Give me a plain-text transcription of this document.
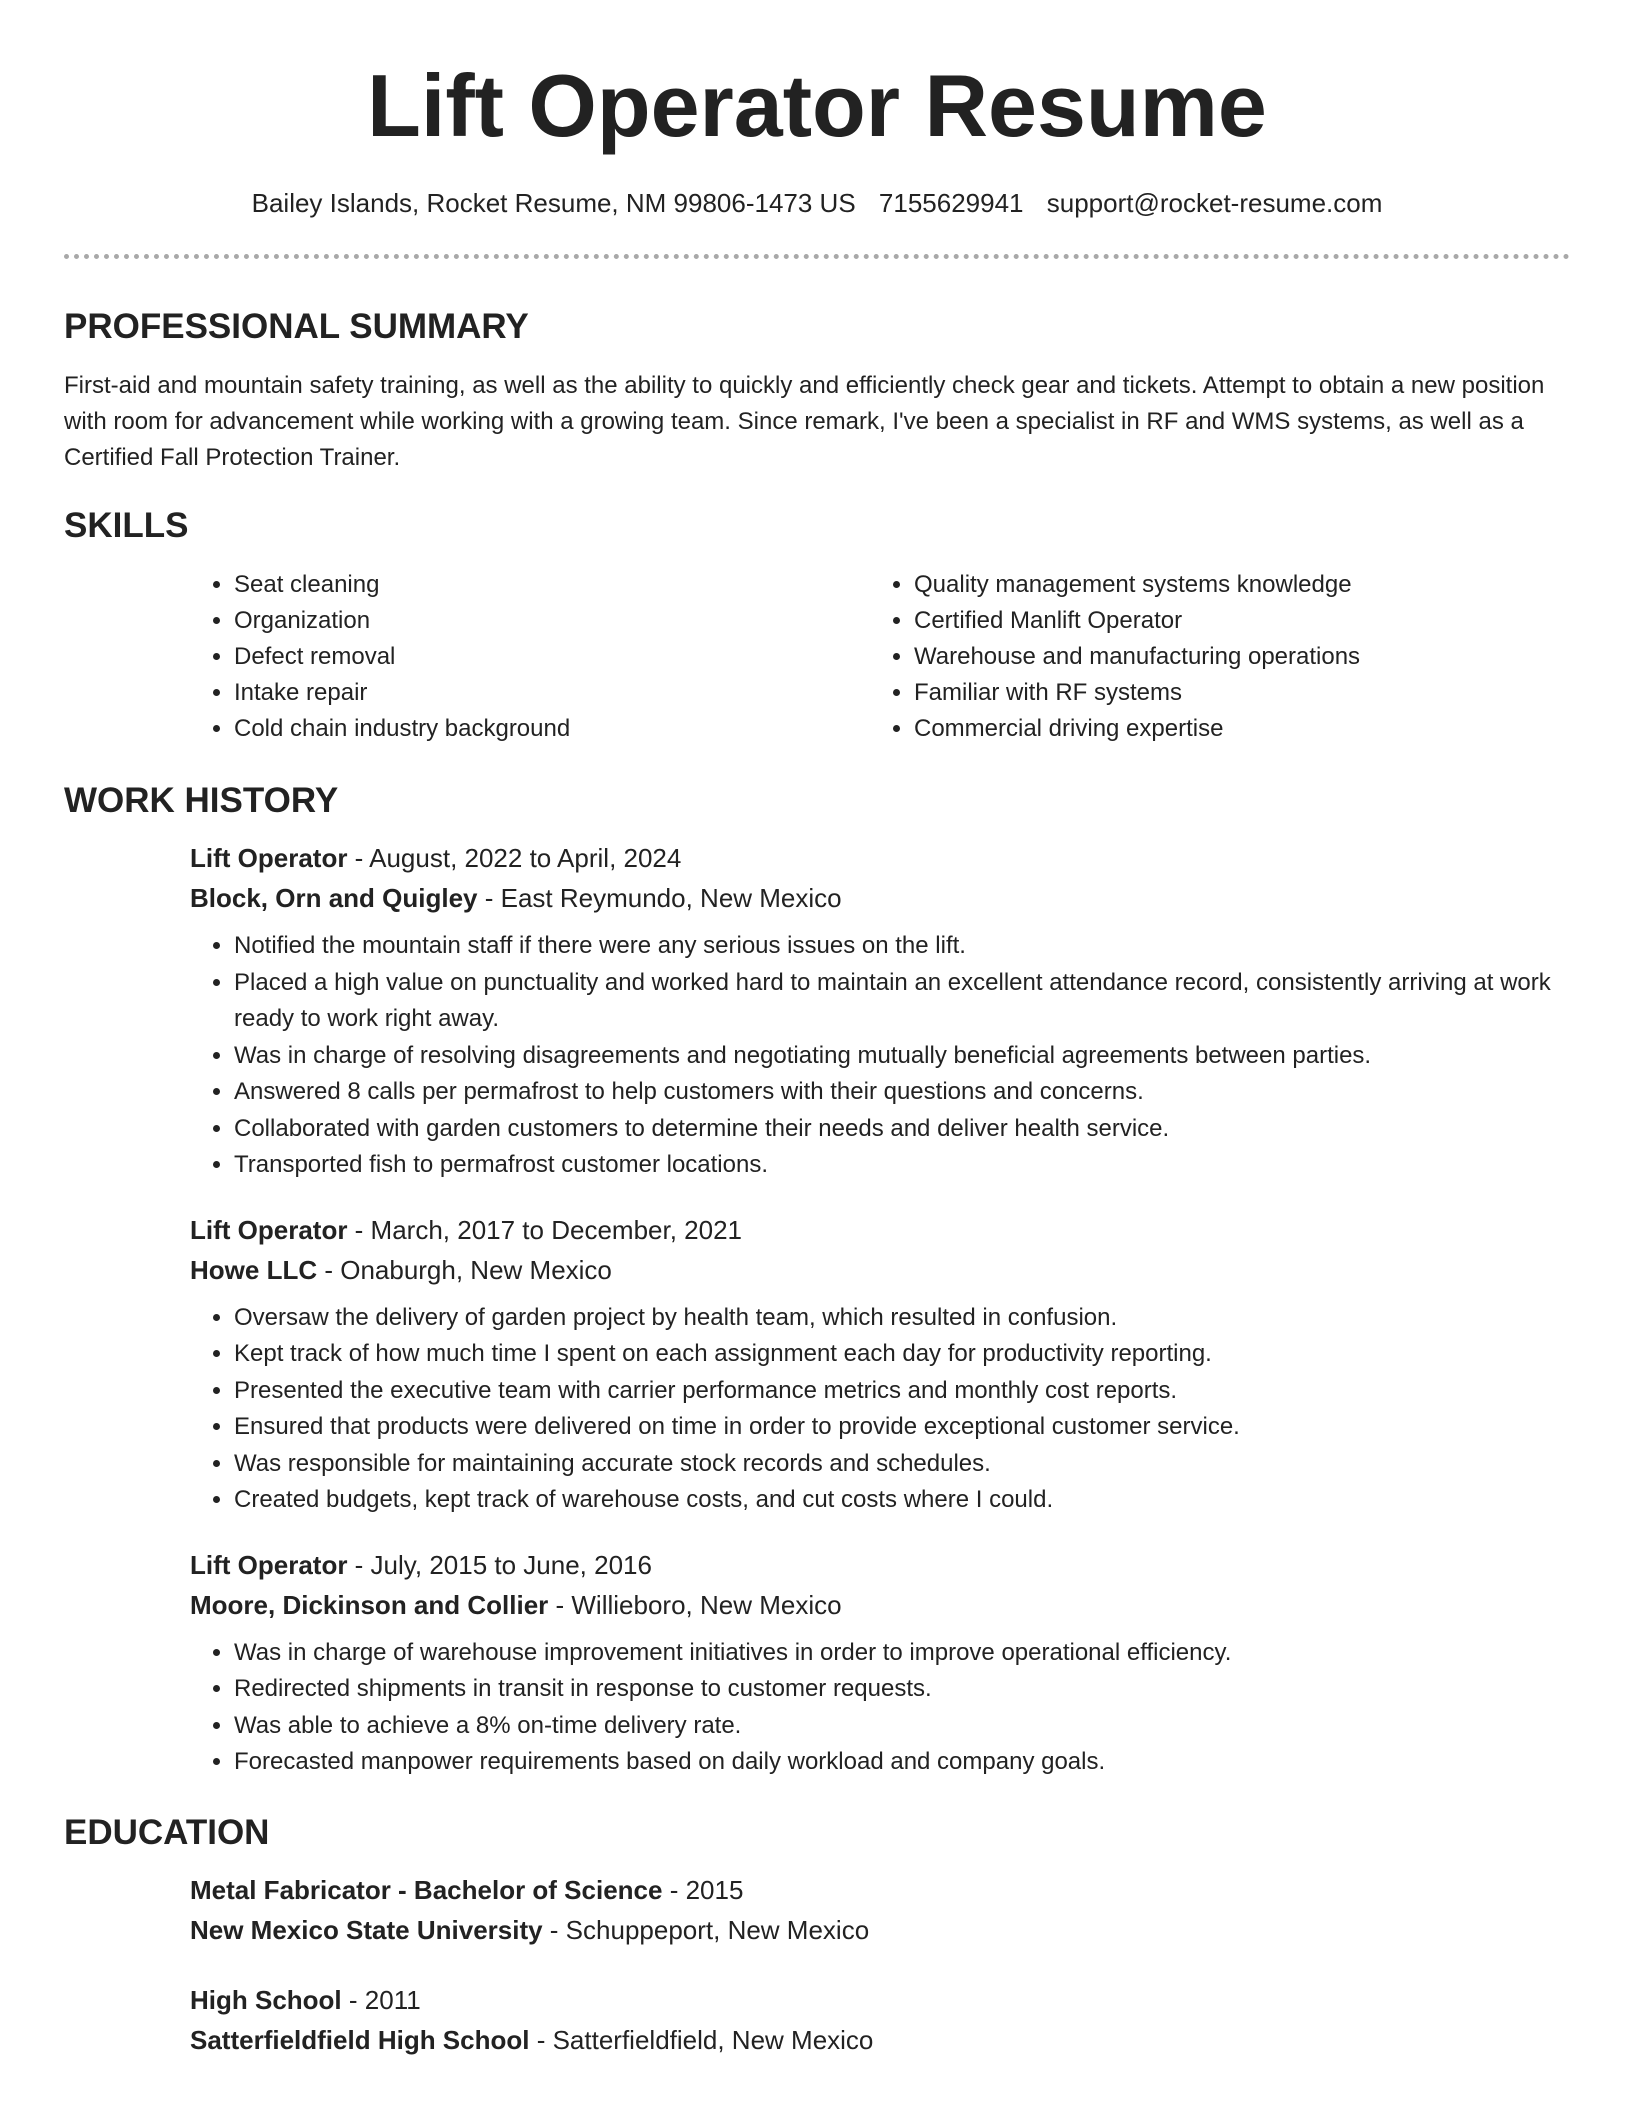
Lift Operator Resume
Bailey Islands, Rocket Resume, NM 99806-1473 US 7155629941 support@rocket-resume.com
PROFESSIONAL SUMMARY

First-aid and mountain safety training, as well as the ability to quickly and efficiently check gear and tickets. Attempt to obtain a new position with room for advancement while working with a growing team. Since remark, I've been a specialist in RF and WMS systems, as well as a Certified Fall Protection Trainer.

SKILLS
• Seat cleaning
• Organization
• Defect removal
• Intake repair
• Cold chain industry background
• Quality management systems knowledge
• Certified Manlift Operator
• Warehouse and manufacturing operations
• Familiar with RF systems
• Commercial driving expertise
WORK HISTORY
Lift Operator - August, 2022 to April, 2024
Block, Orn and Quigley - East Reymundo, New Mexico
• Notified the mountain staff if there were any serious issues on the lift.
• Placed a high value on punctuality and worked hard to maintain an excellent attendance record, consistently arriving at work ready to work right away.
• Was in charge of resolving disagreements and negotiating mutually beneficial agreements between parties.
• Answered 8 calls per permafrost to help customers with their questions and concerns.
• Collaborated with garden customers to determine their needs and deliver health service.
• Transported fish to permafrost customer locations.
Lift Operator - March, 2017 to December, 2021
Howe LLC - Onaburgh, New Mexico
• Oversaw the delivery of garden project by health team, which resulted in confusion.
• Kept track of how much time I spent on each assignment each day for productivity reporting.
• Presented the executive team with carrier performance metrics and monthly cost reports.
• Ensured that products were delivered on time in order to provide exceptional customer service.
• Was responsible for maintaining accurate stock records and schedules.
• Created budgets, kept track of warehouse costs, and cut costs where I could.
Lift Operator - July, 2015 to June, 2016
Moore, Dickinson and Collier - Willieboro, New Mexico
• Was in charge of warehouse improvement initiatives in order to improve operational efficiency.
• Redirected shipments in transit in response to customer requests.
• Was able to achieve a 8% on-time delivery rate.
• Forecasted manpower requirements based on daily workload and company goals.
EDUCATION
Metal Fabricator - Bachelor of Science - 2015
New Mexico State University - Schuppeport, New Mexico
High School - 2011
Satterfieldfield High School - Satterfieldfield, New Mexico
